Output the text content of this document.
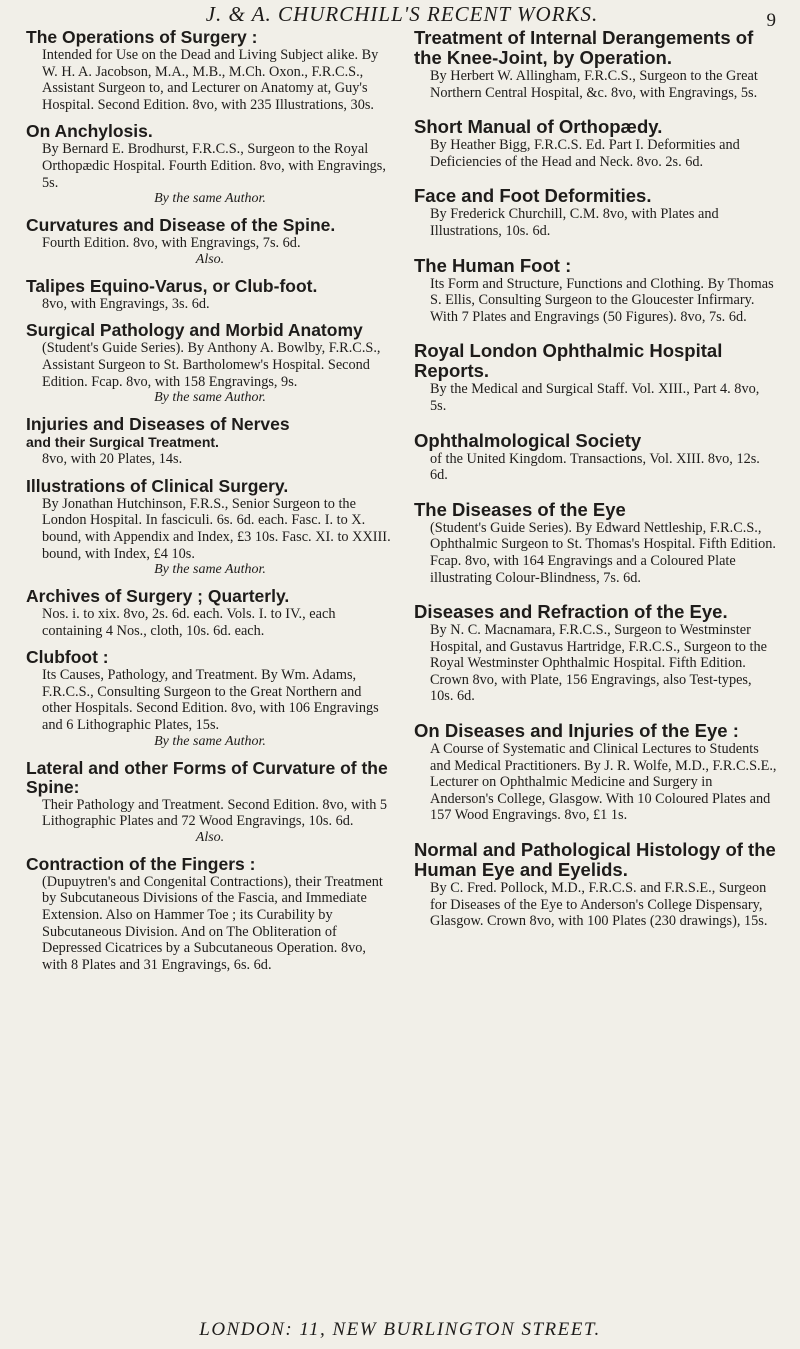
J. & A. CHURCHILL'S RECENT WORKS.	9
The Operations of Surgery :
Intended for Use on the Dead and Living Subject alike. By W. H. A. Jacobson, M.A., M.B., M.Ch. Oxon., F.R.C.S., Assistant Surgeon to, and Lecturer on Anatomy at, Guy's Hospital. Second Edition. 8vo, with 235 Illustrations, 30s.
On Anchylosis.
By Bernard E. Brodhurst, F.R.C.S., Surgeon to the Royal Orthopædic Hospital. Fourth Edition. 8vo, with Engravings, 5s.
By the same Author.
Curvatures and Disease of the Spine.
Fourth Edition. 8vo, with Engravings, 7s. 6d.
Also.
Talipes Equino-Varus, or Club-foot.
8vo, with Engravings, 3s. 6d.
Surgical Pathology and Morbid Anatomy
(Student's Guide Series). By Anthony A. Bowlby, F.R.C.S., Assistant Surgeon to St. Bartholomew's Hospital. Second Edition. Fcap. 8vo, with 158 Engravings, 9s.
By the same Author.
Injuries and Diseases of Nerves
and their Surgical Treatment.
8vo, with 20 Plates, 14s.
Illustrations of Clinical Surgery.
By Jonathan Hutchinson, F.R.S., Senior Surgeon to the London Hospital. In fasciculi. 6s. 6d. each. Fasc. I. to X. bound, with Appendix and Index, £3 10s. Fasc. XI. to XXIII. bound, with Index, £4 10s.
By the same Author.
Archives of Surgery ; Quarterly.
Nos. i. to xix. 8vo, 2s. 6d. each. Vols. I. to IV., each containing 4 Nos., cloth, 10s. 6d. each.
Clubfoot :
Its Causes, Pathology, and Treatment. By Wm. Adams, F.R.C.S., Consulting Surgeon to the Great Northern and other Hospitals. Second Edition. 8vo, with 106 Engravings and 6 Lithographic Plates, 15s.
By the same Author.
Lateral and other Forms of Curvature of the Spine:
Their Pathology and Treatment. Second Edition. 8vo, with 5 Lithographic Plates and 72 Wood Engravings, 10s. 6d.
Also.
Contraction of the Fingers :
(Dupuytren's and Congenital Contractions), their Treatment by Subcutaneous Divisions of the Fascia, and Immediate Extension. Also on Hammer Toe ; its Curability by Subcutaneous Division. And on The Obliteration of Depressed Cicatrices by a Subcutaneous Operation. 8vo, with 8 Plates and 31 Engravings, 6s. 6d.
Treatment of Internal Derangements of the Knee-Joint, by Operation.
By Herbert W. Allingham, F.R.C.S., Surgeon to the Great Northern Central Hospital, &c. 8vo, with Engravings, 5s.
Short Manual of Orthopædy.
By Heather Bigg, F.R.C.S. Ed. Part I. Deformities and Deficiencies of the Head and Neck. 8vo. 2s. 6d.
Face and Foot Deformities.
By Frederick Churchill, C.M. 8vo, with Plates and Illustrations, 10s. 6d.
The Human Foot :
Its Form and Structure, Functions and Clothing. By Thomas S. Ellis, Consulting Surgeon to the Gloucester Infirmary. With 7 Plates and Engravings (50 Figures). 8vo, 7s. 6d.
Royal London Ophthalmic Hospital Reports.
By the Medical and Surgical Staff. Vol. XIII., Part 4. 8vo, 5s.
Ophthalmological Society
of the United Kingdom. Transactions, Vol. XIII. 8vo, 12s. 6d.
The Diseases of the Eye
(Student's Guide Series). By Edward Nettleship, F.R.C.S., Ophthalmic Surgeon to St. Thomas's Hospital. Fifth Edition. Fcap. 8vo, with 164 Engravings and a Coloured Plate illustrating Colour-Blindness, 7s. 6d.
Diseases and Refraction of the Eye.
By N. C. Macnamara, F.R.C.S., Surgeon to Westminster Hospital, and Gustavus Hartridge, F.R.C.S., Surgeon to the Royal Westminster Ophthalmic Hospital. Fifth Edition. Crown 8vo, with Plate, 156 Engravings, also Test-types, 10s. 6d.
On Diseases and Injuries of the Eye :
A Course of Systematic and Clinical Lectures to Students and Medical Practitioners. By J. R. Wolfe, M.D., F.R.C.S.E., Lecturer on Ophthalmic Medicine and Surgery in Anderson's College, Glasgow. With 10 Coloured Plates and 157 Wood Engravings. 8vo, £1 1s.
Normal and Pathological Histology of the Human Eye and Eyelids.
By C. Fred. Pollock, M.D., F.R.C.S. and F.R.S.E., Surgeon for Diseases of the Eye to Anderson's College Dispensary, Glasgow. Crown 8vo, with 100 Plates (230 drawings), 15s.
LONDON: 11, NEW BURLINGTON STREET.
